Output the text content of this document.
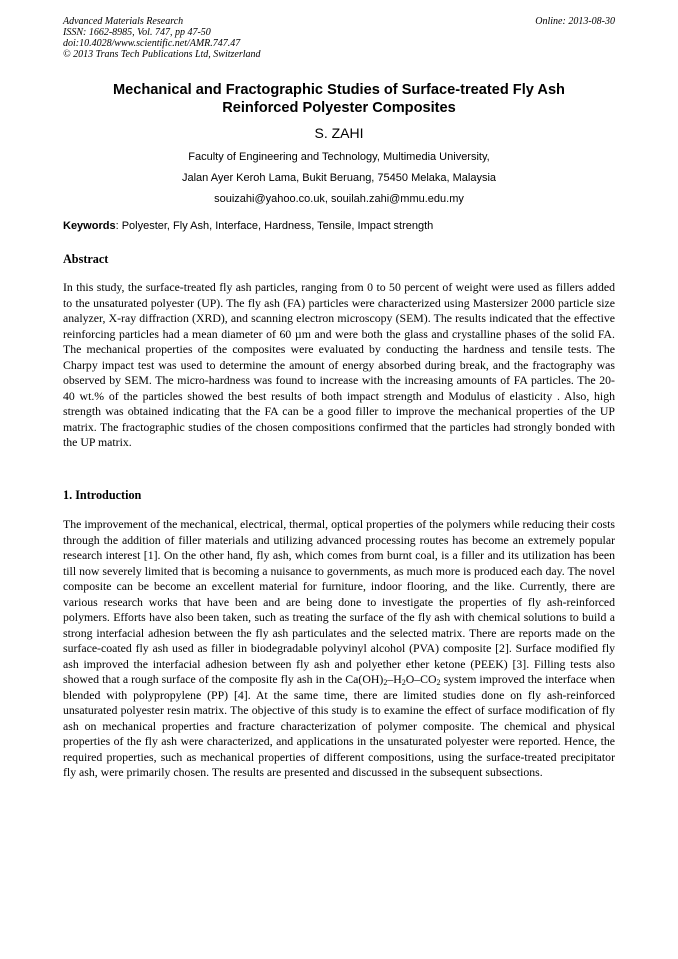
Advanced Materials Research
ISSN: 1662-8985, Vol. 747, pp 47-50
doi:10.4028/www.scientific.net/AMR.747.47
© 2013 Trans Tech Publications Ltd, Switzerland
Online: 2013-08-30
Mechanical and Fractographic Studies of Surface-treated Fly Ash
Reinforced Polyester Composites
S. ZAHI
Faculty of Engineering and Technology, Multimedia University,
Jalan Ayer Keroh Lama, Bukit Beruang, 75450 Melaka, Malaysia
souizahi@yahoo.co.uk, souilah.zahi@mmu.edu.my
Keywords: Polyester, Fly Ash, Interface, Hardness, Tensile, Impact strength
Abstract

In this study, the surface-treated fly ash particles, ranging from 0 to 50 percent of weight were used as fillers added to the unsaturated polyester (UP). The fly ash (FA) particles were characterized using Mastersizer 2000 particle size analyzer, X-ray diffraction (XRD), and scanning electron microscopy (SEM). The results indicated that the effective reinforcing particles had a mean diameter of 60 µm and were both the glass and crystalline phases of the solid FA. The mechanical properties of the composites were evaluated by conducting the hardness and tensile tests. The Charpy impact test was used to determine the amount of energy absorbed during break, and the fractography was observed by SEM. The micro-hardness was found to increase with the increasing amounts of FA particles. The 20-40 wt.% of the particles showed the best results of both impact strength and Modulus of elasticity . Also, high strength was obtained indicating that the FA can be a good filler to improve the mechanical properties of the UP matrix. The fractographic studies of the chosen compositions confirmed that the particles had strongly bonded with the UP matrix.

1. Introduction

The improvement of the mechanical, electrical, thermal, optical properties of the polymers while reducing their costs through the addition of filler materials and utilizing advanced processing routes has become an extremely popular research interest [1]. On the other hand, fly ash, which comes from burnt coal, is a filler and its utilization has been till now severely limited that is becoming a nuisance to governments, as much more is produced each day. The novel composite can be become an excellent material for furniture, indoor flooring, and the like. Currently, there are various research works that have been and are being done to investigate the properties of fly ash-reinforced polymers. Efforts have also been taken, such as treating the surface of the fly ash with chemical solutions to build a strong interfacial adhesion between the fly ash particulates and the selected matrix. There are reports made on the surface-coated fly ash used as filler in biodegradable polyvinyl alcohol (PVA) composite [2]. Surface modified fly ash improved the interfacial adhesion between fly ash and polyether ether ketone (PEEK) [3]. Filling tests also showed that a rough surface of the composite fly ash in the $Ca(OH)_2-H_2O-CO_2$ system improved the interface when blended with polypropylene (PP) [4]. At the same time, there are limited studies done on fly ash-reinforced unsaturated polyester resin matrix. The objective of this study is to examine the effect of surface modification of fly ash on mechanical properties and fracture characterization of polymer composite. The chemical and physical properties of the fly ash were characterized, and applications in the unsaturated polyester were reported. Hence, the required properties, such as mechanical properties of different compositions, using the surface-treated precipitator fly ash, were primarily chosen. The results are presented and discussed in the subsequent subsections.
